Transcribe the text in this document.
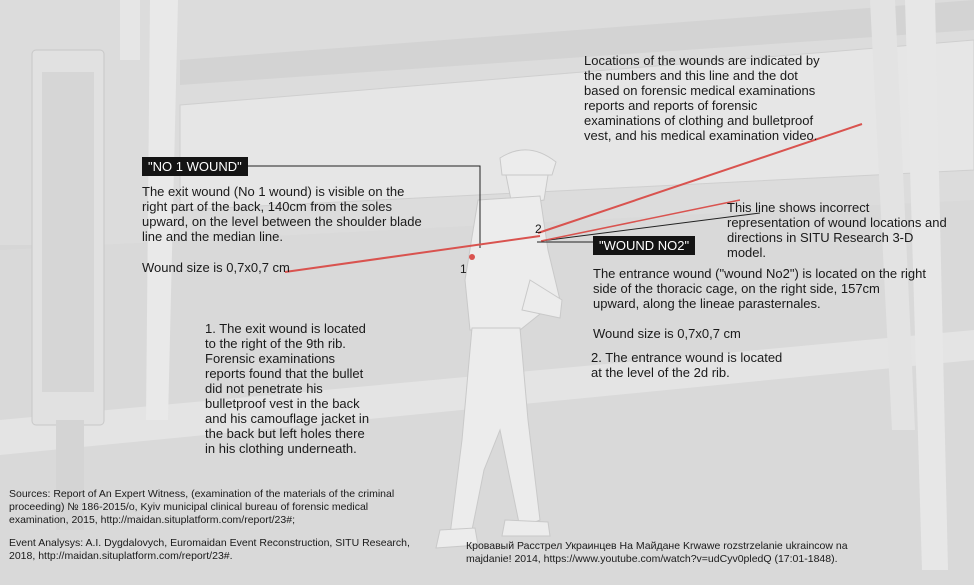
Locations of the wounds are indicated by the numbers and this line and the dot based on forensic medical examinations reports and reports of forensic examinations of clothing and bulletproof vest, and his medical examination video.
"NO 1 WOUND"
The exit wound (No 1 wound) is visible on the right part of the back, 140cm from the soles upward, on the level between the shoulder blade line and the median line.
Wound size is 0,7x0,7 cm	1
2
This line shows incorrect representation of wound locations and directions in SITU Research 3-D model.
"WOUND NO2"
The entrance wound ("wound No2") is located on the right side of the thoracic cage, on the right side, 157cm upward, along the lineae parasternales.
Wound size is 0,7x0,7 cm
1. The exit wound is located to the right of the 9th rib. Forensic examinations reports found that the bullet did not penetrate his bulletproof vest in the back and his camouflage jacket in the back but left holes there in his clothing underneath.
2. The entrance wound is located at the level of the 2d rib.
Sources: Report of An Expert Witness, (examination of the materials of the criminal proceeding) № 186-2015/o, Kyiv municipal clinical bureau of forensic medical examination, 2015, http://maidan.situplatform.com/report/23#;
Event Analysys: A.I. Dygdalovych, Euromaidan Event Reconstruction, SITU Research, 2018, http://maidan.situplatform.com/report/23#.
Кровавый Расстрел Украинцев На Майдане Krwawe rozstrzelanie ukraincow na majdanie! 2014, https://www.youtube.com/watch?v=udCyv0pledQ (17:01-1848).
